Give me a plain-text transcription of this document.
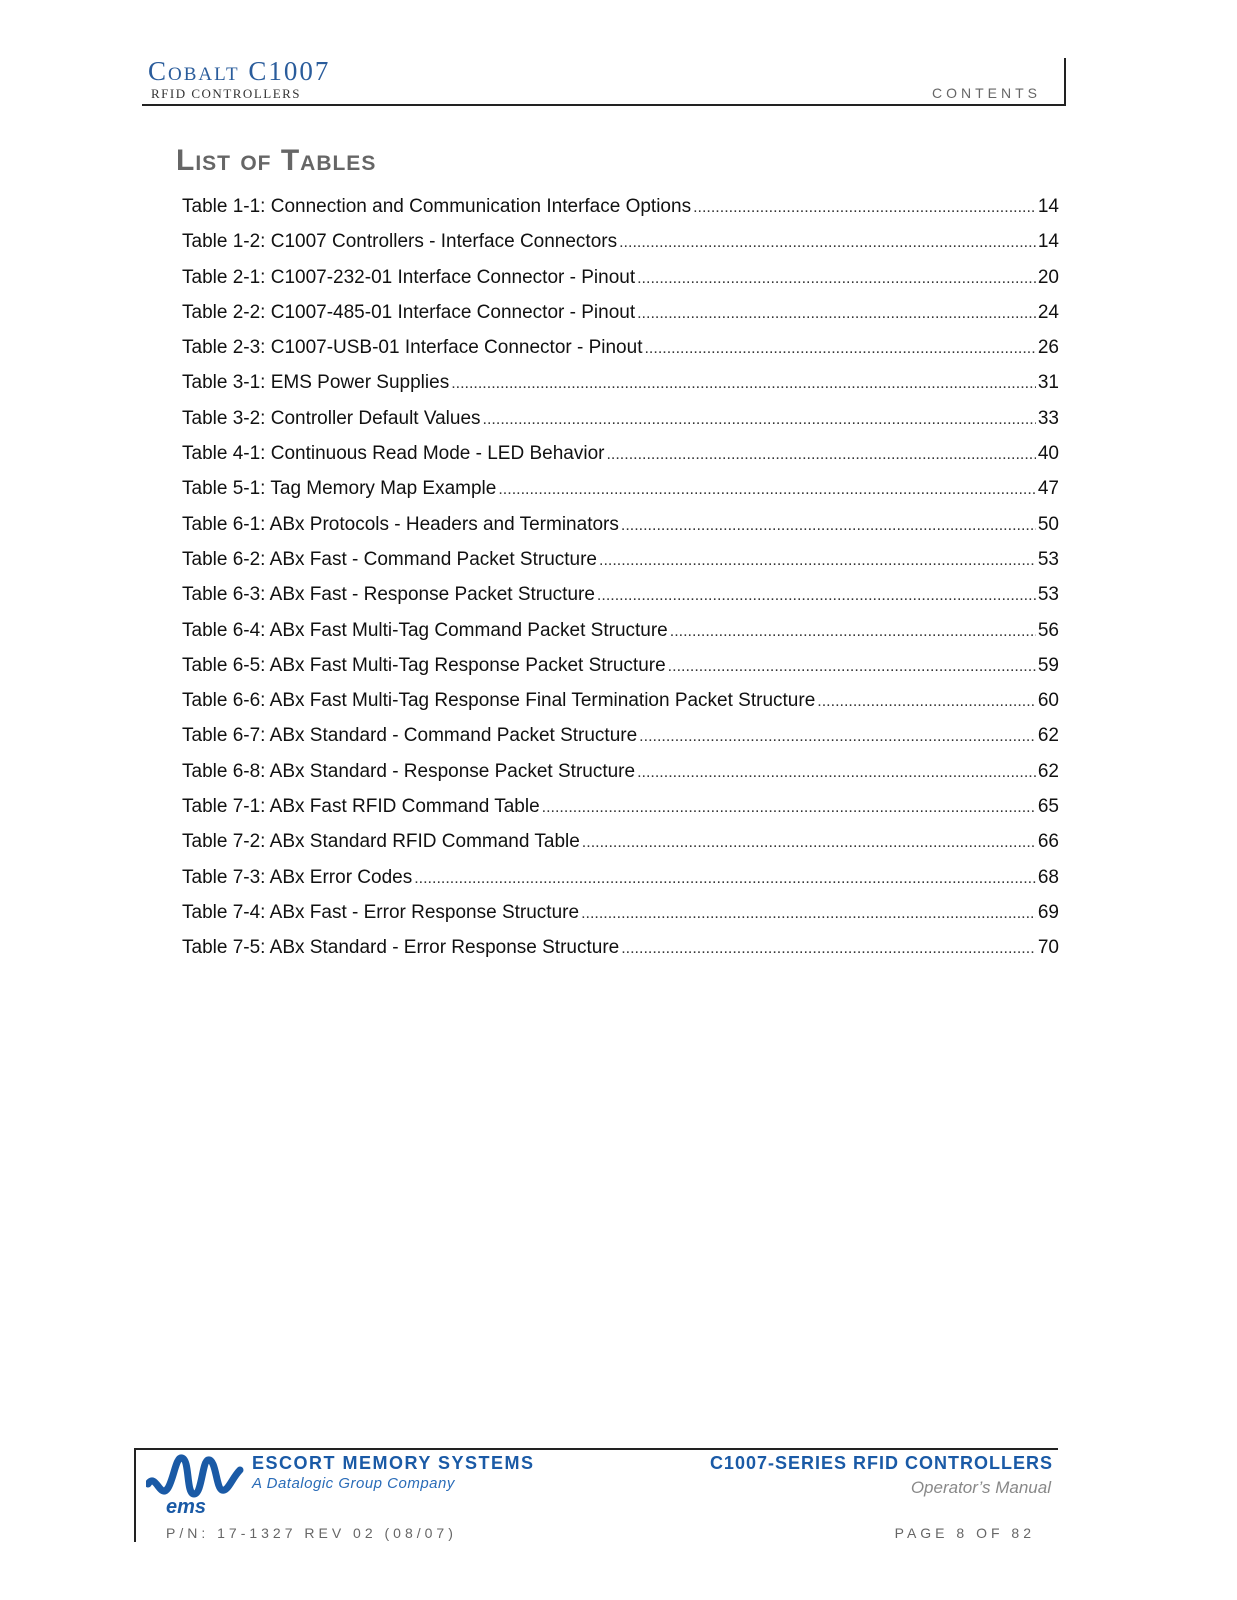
Cobalt C1007
RFID CONTROLLERS	CONTENTS
List of Tables
Table 1-1: Connection and Communication Interface Options .....	14
Table 1-2: C1007 Controllers - Interface Connectors .....	14
Table 2-1: C1007-232-01 Interface Connector - Pinout .....	20
Table 2-2: C1007-485-01 Interface Connector - Pinout .....	24
Table 2-3: C1007-USB-01 Interface Connector - Pinout .....	26
Table 3-1: EMS Power Supplies .....	31
Table 3-2: Controller Default Values .....	33
Table 4-1: Continuous Read Mode - LED Behavior .....	40
Table 5-1: Tag Memory Map Example .....	47
Table 6-1: ABx Protocols - Headers and Terminators .....	50
Table 6-2: ABx Fast - Command Packet Structure .....	53
Table 6-3: ABx Fast - Response Packet Structure .....	53
Table 6-4: ABx Fast Multi-Tag Command Packet Structure .....	56
Table 6-5: ABx Fast Multi-Tag Response Packet Structure .....	59
Table 6-6: ABx Fast Multi-Tag Response Final Termination Packet Structure .....	60
Table 6-7: ABx Standard - Command Packet Structure .....	62
Table 6-8: ABx Standard - Response Packet Structure .....	62
Table 7-1: ABx Fast RFID Command Table .....	65
Table 7-2: ABx Standard RFID Command Table .....	66
Table 7-3: ABx Error Codes .....	68
Table 7-4: ABx Fast - Error Response Structure .....	69
Table 7-5: ABx Standard - Error Response Structure .....	70
ems
ESCORT MEMORY SYSTEMS
A Datalogic Group Company
C1007-SERIES RFID CONTROLLERS
Operator’s Manual
P/N: 17-1327 REV 02 (08/07)	PAGE 8 OF 82
